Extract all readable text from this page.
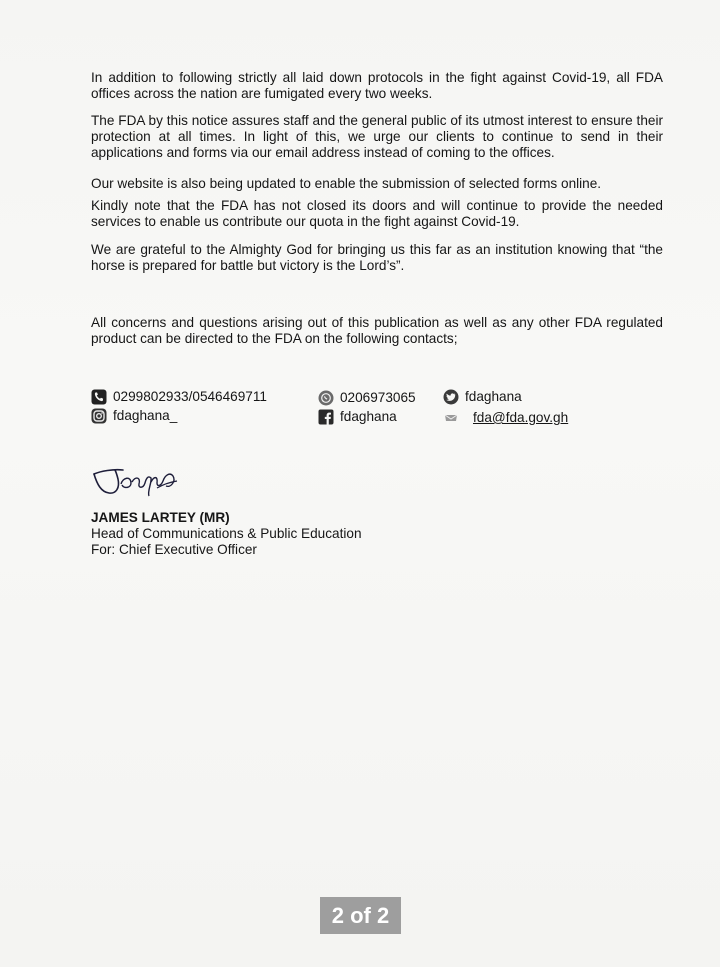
In addition to following strictly all laid down protocols in the fight against Covid-19, all FDA offices across the nation are fumigated every two weeks.

The FDA by this notice assures staff and the general public of its utmost interest to ensure their protection at all times. In light of this, we urge our clients to continue to send in their applications and forms via our email address instead of coming to the offices.

Our website is also being updated to enable the submission of selected forms online.

Kindly note that the FDA has not closed its doors and will continue to provide the needed services to enable us contribute our quota in the fight against Covid-19.

We are grateful to the Almighty God for bringing us this far as an institution knowing that “the horse is prepared for battle but victory is the Lord’s”.

All concerns and questions arising out of this publication as well as any other FDA regulated product can be directed to the FDA on the following contacts;

0299802933/0546469711
fdaghana_
0206973065
fdaghana
fdaghana
fda@fda.gov.gh
JAMES LARTEY (MR)
Head of Communications & Public Education
For: Chief Executive Officer
2 of 2
